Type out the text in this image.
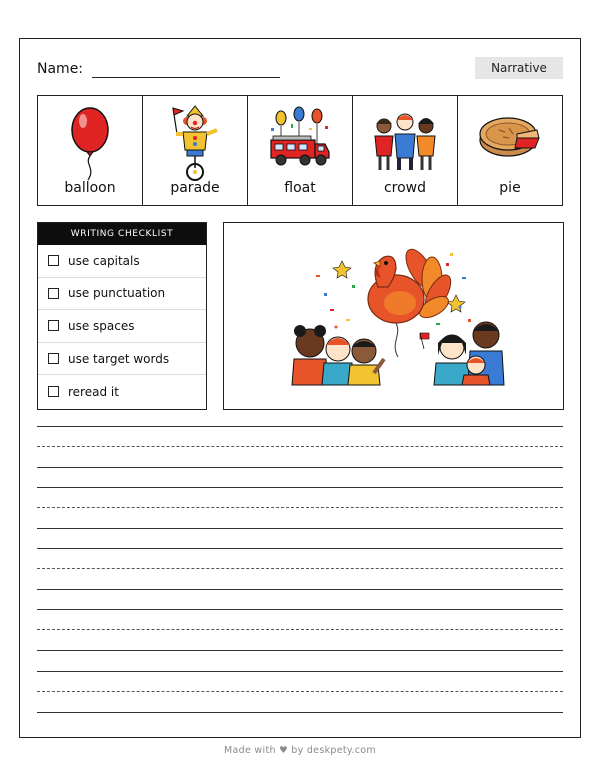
Name:	Narrative
balloon	parade	float	crowd	pie
WRITING CHECKLIST
use capitals
use punctuation
use spaces
use target words
reread it
Made with ♥ by deskpety.com
